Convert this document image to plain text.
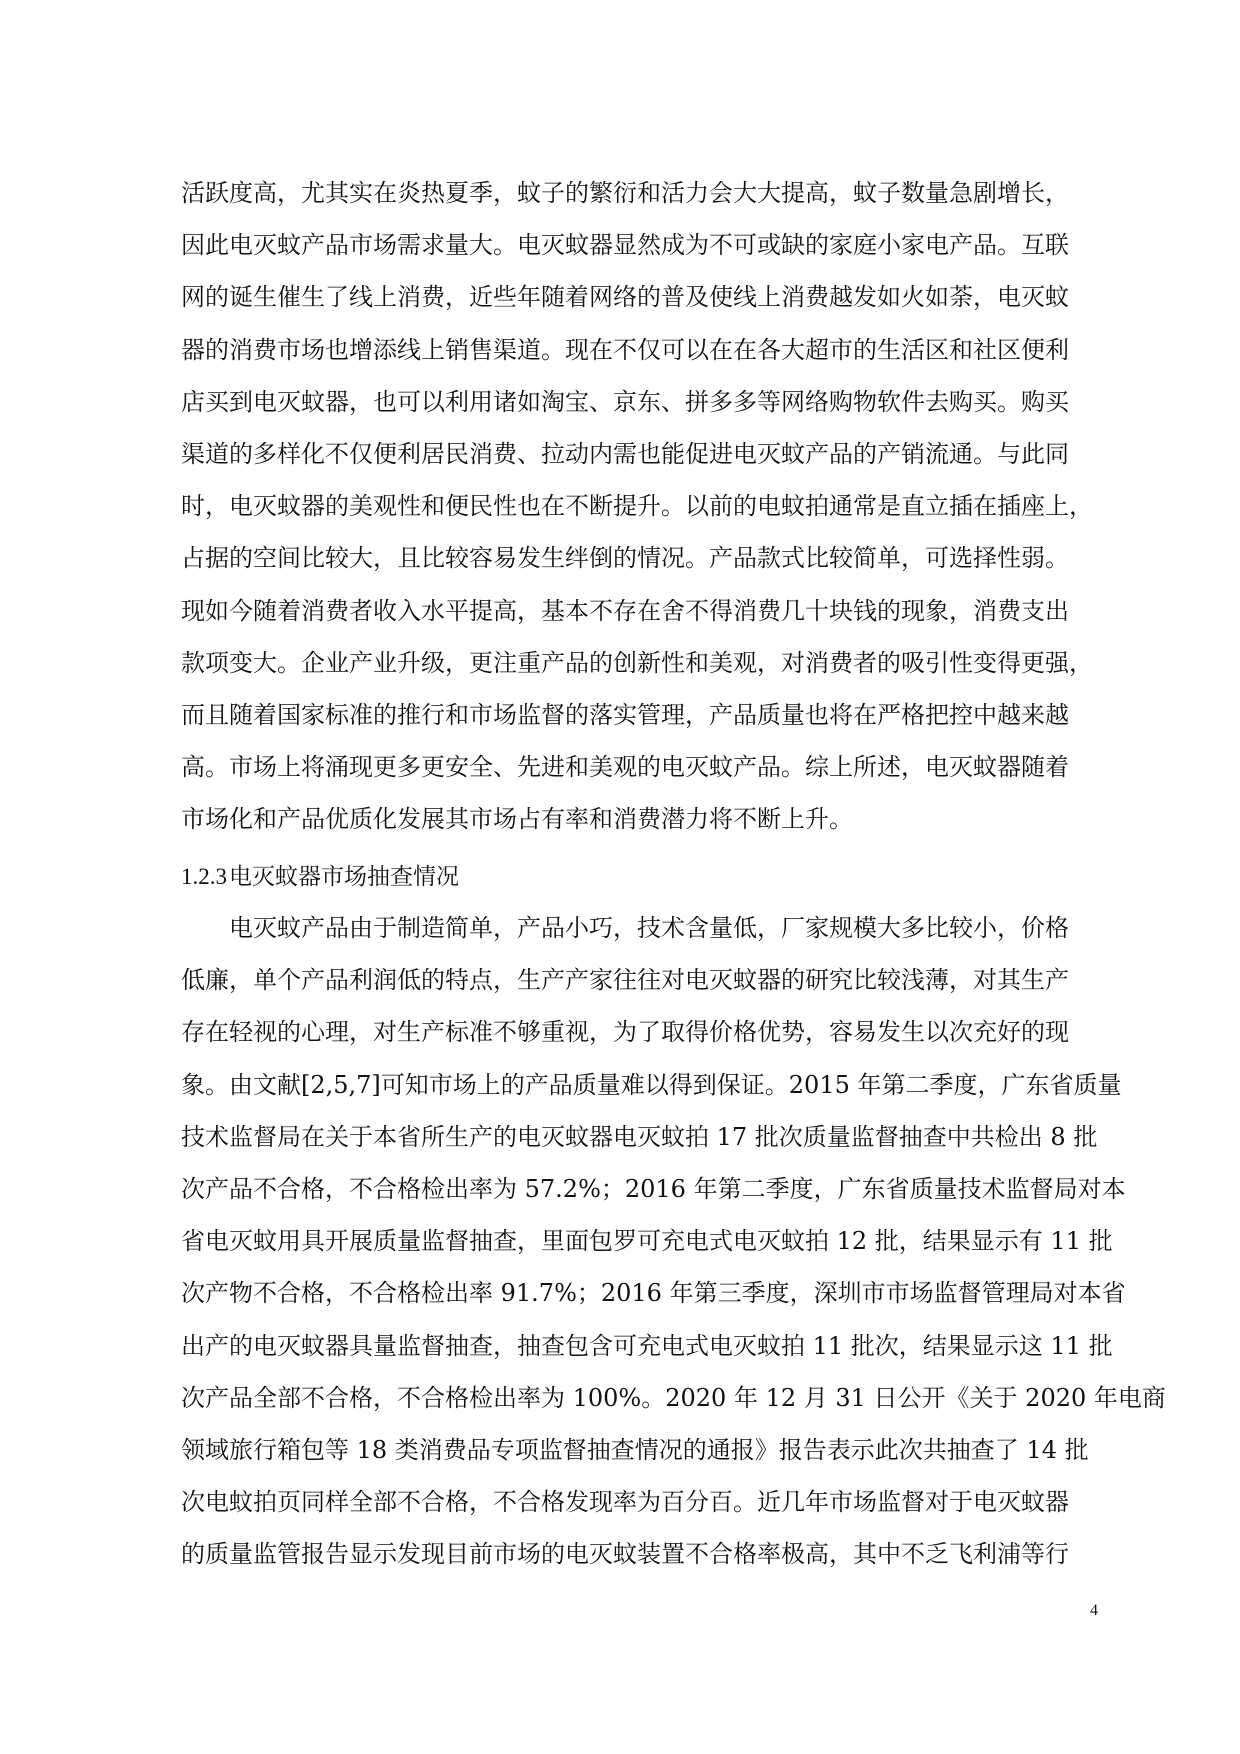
活跃度高，尤其实在炎热夏季，蚊子的繁衍和活力会大大提高，蚊子数量急剧增长，
因此电灭蚊产品市场需求量大。电灭蚊器显然成为不可或缺的家庭小家电产品。互联
网的诞生催生了线上消费，近些年随着网络的普及使线上消费越发如火如荼，电灭蚊
器的消费市场也增添线上销售渠道。现在不仅可以在在各大超市的生活区和社区便利
店买到电灭蚊器，也可以利用诸如淘宝、京东、拼多多等网络购物软件去购买。购买
渠道的多样化不仅便利居民消费、拉动内需也能促进电灭蚊产品的产销流通。与此同
时，电灭蚊器的美观性和便民性也在不断提升。以前的电蚊拍通常是直立插在插座上，
占据的空间比较大，且比较容易发生绊倒的情况。产品款式比较简单，可选择性弱。
现如今随着消费者收入水平提高，基本不存在舍不得消费几十块钱的现象，消费支出
款项变大。企业产业升级，更注重产品的创新性和美观，对消费者的吸引性变得更强，
而且随着国家标准的推行和市场监督的落实管理，产品质量也将在严格把控中越来越
高。市场上将涌现更多更安全、先进和美观的电灭蚊产品。综上所述，电灭蚊器随着
市场化和产品优质化发展其市场占有率和消费潜力将不断上升。
1.2.3电灭蚊器市场抽查情况
电灭蚊产品由于制造简单，产品小巧，技术含量低，厂家规模大多比较小，价格
低廉，单个产品利润低的特点，生产产家往往对电灭蚊器的研究比较浅薄，对其生产
存在轻视的心理，对生产标准不够重视，为了取得价格优势，容易发生以次充好的现
象。由文献[2,5,7]可知市场上的产品质量难以得到保证。2015 年第二季度，广东省质量
技术监督局在关于本省所生产的电灭蚊器电灭蚊拍 17 批次质量监督抽查中共检出 8 批
次产品不合格，不合格检出率为 57.2%；2016 年第二季度，广东省质量技术监督局对本
省电灭蚊用具开展质量监督抽查，里面包罗可充电式电灭蚊拍 12 批，结果显示有 11 批
次产物不合格，不合格检出率 91.7%；2016 年第三季度，深圳市市场监督管理局对本省
出产的电灭蚊器具量监督抽查，抽查包含可充电式电灭蚊拍 11 批次，结果显示这 11 批
次产品全部不合格，不合格检出率为 100%。2020 年 12 月 31 日公开《关于 2020 年电商
领域旅行箱包等 18 类消费品专项监督抽查情况的通报》报告表示此次共抽查了 14 批
次电蚊拍页同样全部不合格，不合格发现率为百分百。近几年市场监督对于电灭蚊器
的质量监管报告显示发现目前市场的电灭蚊装置不合格率极高，其中不乏飞利浦等行
4
